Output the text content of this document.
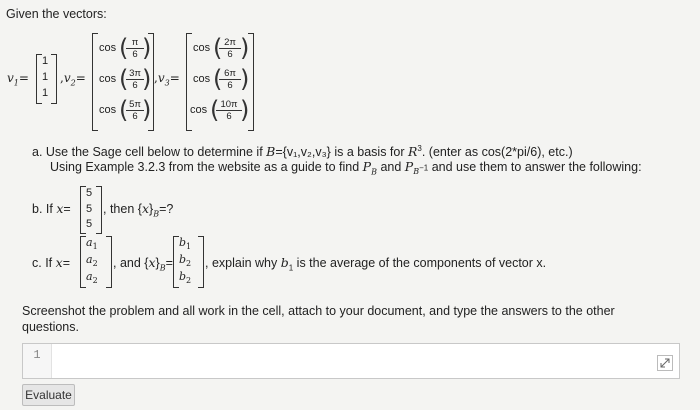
Given the vectors:
$v_1=$
1
1
1
$,v_2=$
cos (
$\frac{\pi}{6}$
)
cos (
$\frac{3\pi}{6}$
)
cos (
$\frac{5\pi}{6}$
)
$,v_3=$
cos (
$\frac{2\pi}{6}$ )
cos (
$\frac{6\pi}{6}$ )
cos (
$\frac{10\pi}{6}$
)
a. Use the Sage cell below to determine if B={v₁,v₂,v₃} is a basis for $R^3$. (enter as cos(2*pi/6), etc.)
Using Example 3.2.3 from the website as a guide to find $P_B$ and $P_{B^{-1}}$ and use them to answer the following:
b. If x=
5
5
5
, then $\{x\}_B=$?
c. If x=
$a_1$
$a_2$
$a_2$
, and $\{x\}_B=$
$b_1$
$b_2$
$b_2$
, explain why $b_1$ is the average of the components of vector x.
Screenshot the problem and all work in the cell, attach to your document, and type the answers to the other
questions.
1
Evaluate
